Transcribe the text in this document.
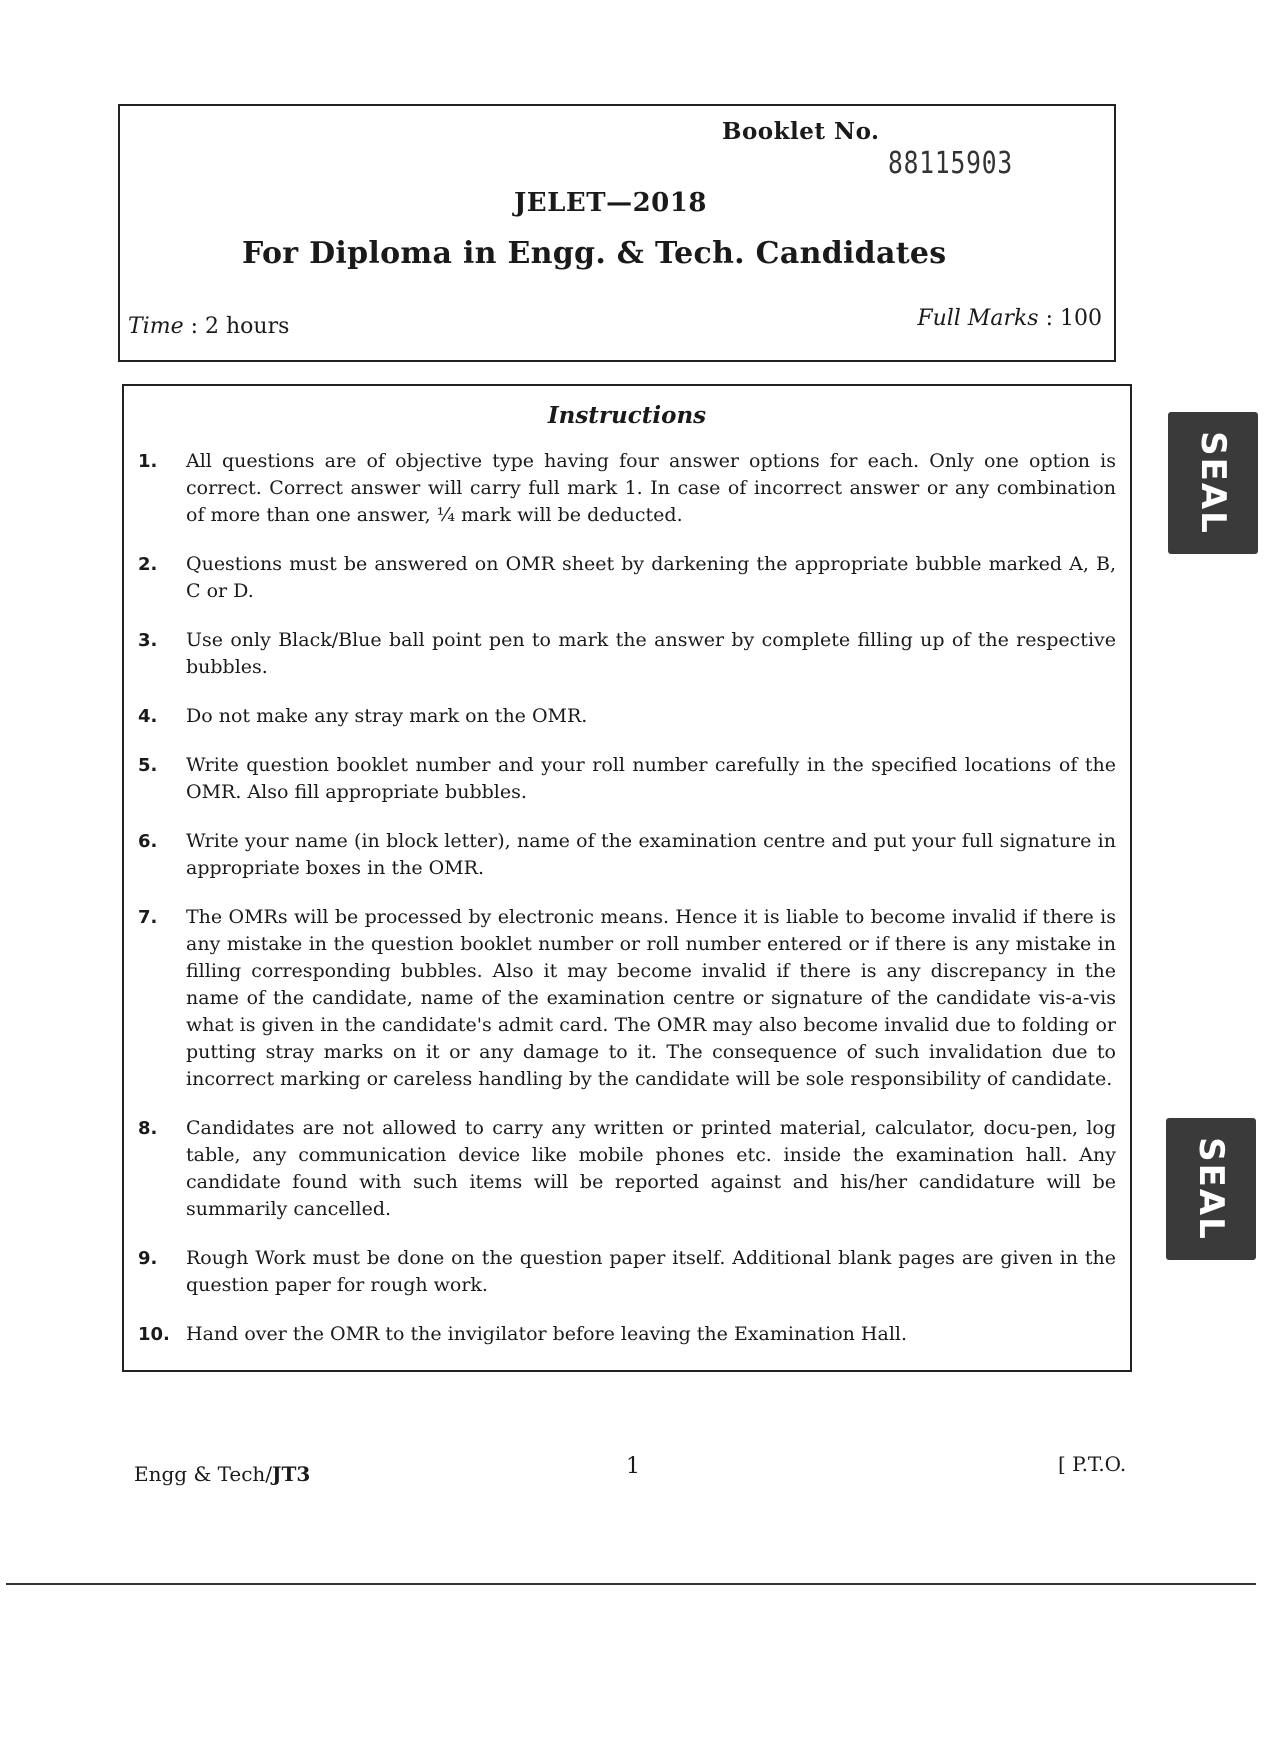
Booklet No.
88115903
JELET—2018
For Diploma in Engg. & Tech. Candidates
Time : 2 hours	Full Marks : 100
Instructions
1.	All questions are of objective type having four answer options for each. Only one option is correct. Correct answer will carry full mark 1. In case of incorrect answer or any combination of more than one answer, ¼ mark will be deducted.
2.	Questions must be answered on OMR sheet by darkening the appropriate bubble marked A, B, C or D.
3.	Use only Black/Blue ball point pen to mark the answer by complete filling up of the respective bubbles.
4.	Do not make any stray mark on the OMR.
5.	Write question booklet number and your roll number carefully in the specified locations of the OMR. Also fill appropriate bubbles.
6.	Write your name (in block letter), name of the examination centre and put your full signature in appropriate boxes in the OMR.
7.	The OMRs will be processed by electronic means. Hence it is liable to become invalid if there is any mistake in the question booklet number or roll number entered or if there is any mistake in filling corresponding bubbles. Also it may become invalid if there is any discrepancy in the name of the candidate, name of the examination centre or signature of the candidate vis-a-vis what is given in the candidate's admit card. The OMR may also become invalid due to folding or putting stray marks on it or any damage to it. The consequence of such invalidation due to incorrect marking or careless handling by the candidate will be sole responsibility of candidate.
8.	Candidates are not allowed to carry any written or printed material, calculator, docu-pen, log table, any communication device like mobile phones etc. inside the examination hall. Any candidate found with such items will be reported against and his/her candidature will be summarily cancelled.
9.	Rough Work must be done on the question paper itself. Additional blank pages are given in the question paper for rough work.
10. Hand over the OMR to the invigilator before leaving the Examination Hall.
SEAL
SEAL
Engg & Tech/JT3	1	[ P.T.O.
